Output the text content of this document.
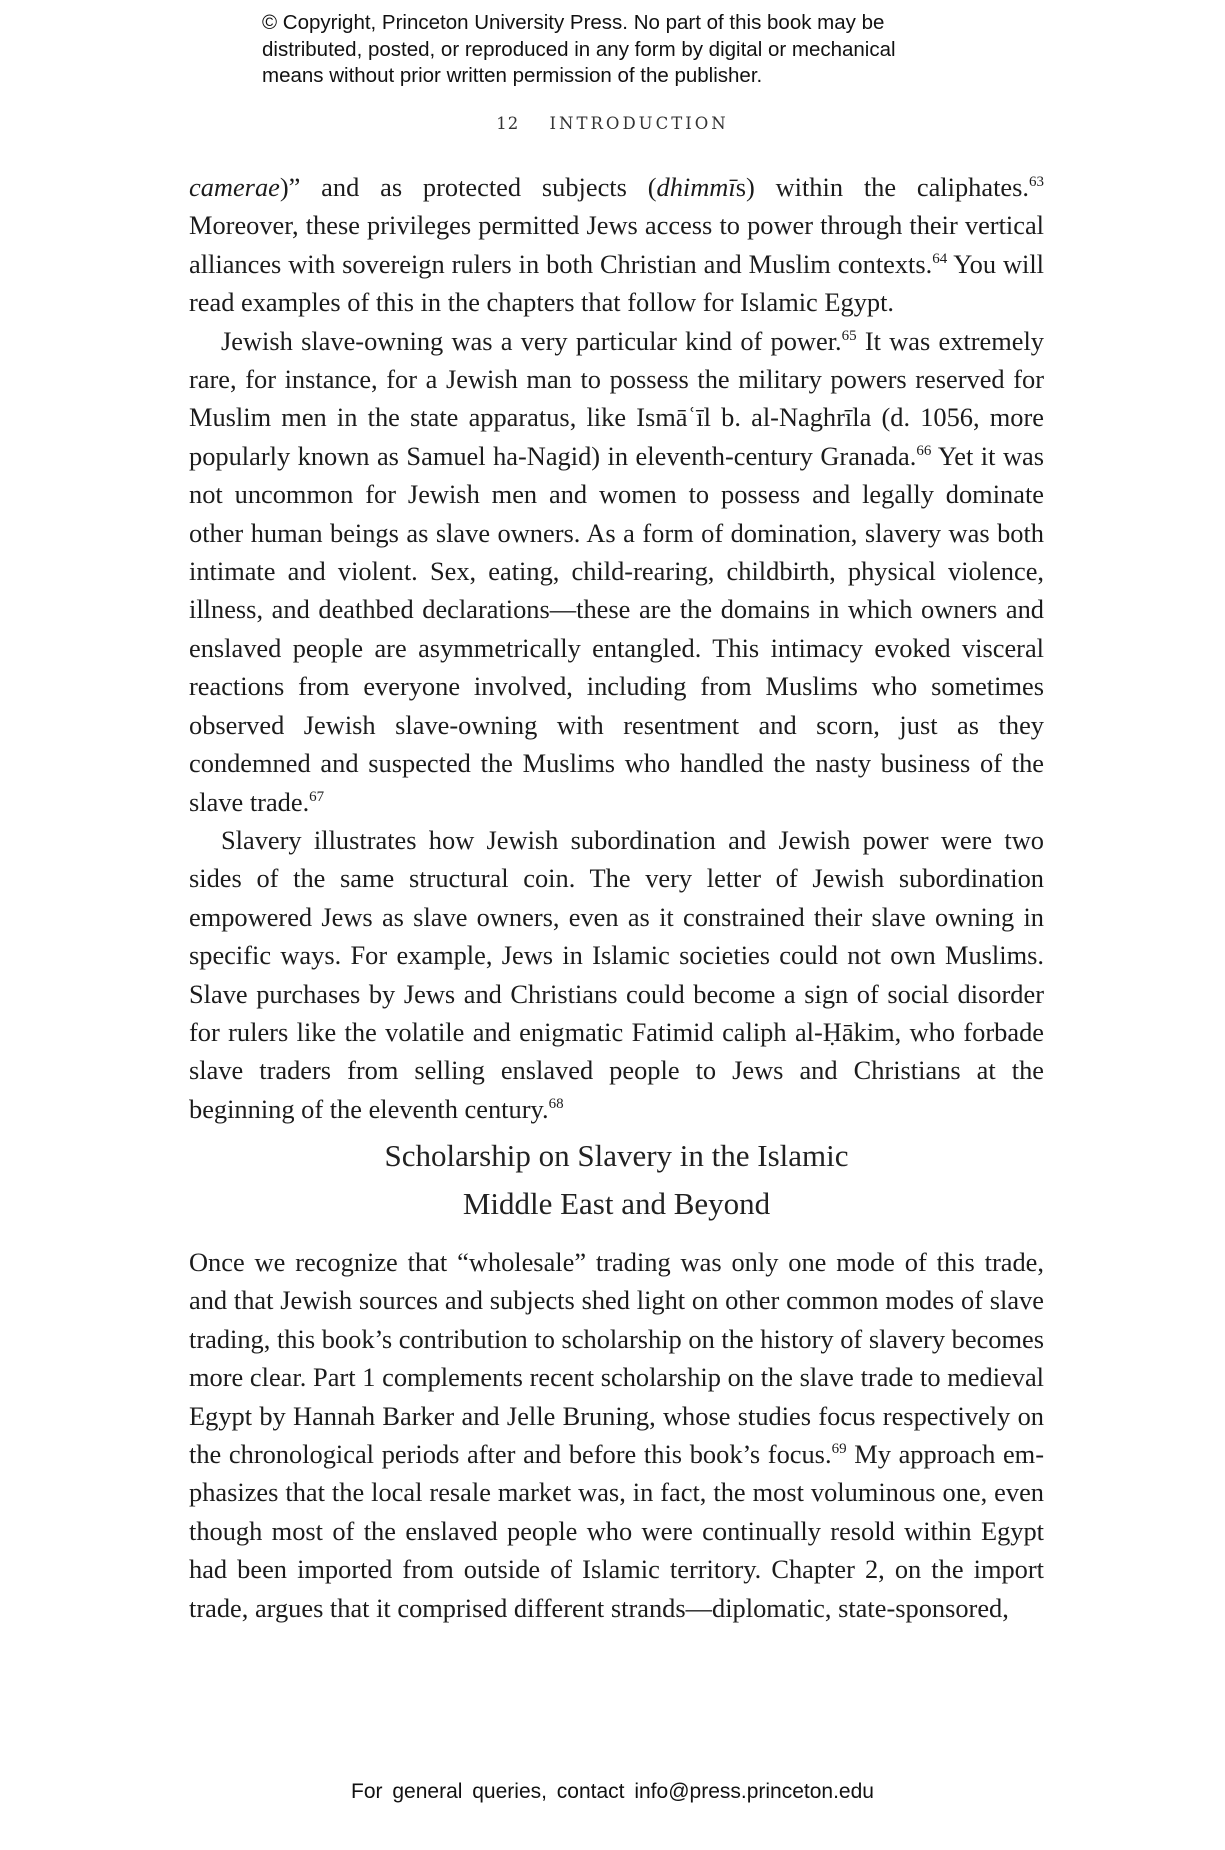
© Copyright, Princeton University Press. No part of this book may be
distributed, posted, or reproduced in any form by digital or mechanical
means without prior written permission of the publisher.
12 INTRODUCTION

camerae)” and as protected subjects (dhimmīs) within the caliphates.$^{63}$ Moreover, these privileges permitted Jews access to power through their vertical alliances with sovereign rulers in both Christian and Muslim contexts.$^{64}$ You will read examples of this in the chapters that follow for Islamic Egypt.

Jewish slave-owning was a very particular kind of power.$^{65}$ It was extremely rare, for instance, for a Jewish man to possess the military powers reserved for Muslim men in the state apparatus, like Ismāʿīl b. al-Naghrīla (d. 1056, more popularly known as Samuel ha-Nagid) in eleventh-century Granada.$^{66}$ Yet it was not uncommon for Jewish men and women to possess and legally dominate other human beings as slave owners. As a form of domination, slavery was both intimate and violent. Sex, eating, child-rearing, childbirth, physical violence, illness, and deathbed declarations—these are the domains in which owners and enslaved people are asymmetrically entangled. This intimacy evoked visceral reactions from everyone involved, including from Muslims who sometimes observed Jewish slave-owning with resentment and scorn, just as they condemned and suspected the Muslims who handled the nasty business of the slave trade.$^{67}$

Slavery illustrates how Jewish subordination and Jewish power were two sides of the same structural coin. The very letter of Jewish subordination empowered Jews as slave owners, even as it constrained their slave owning in specific ways. For example, Jews in Islamic societies could not own Muslims. Slave purchases by Jews and Christians could become a sign of social disorder for rulers like the volatile and enigmatic Fatimid caliph al-Ḥākim, who forbade slave traders from selling enslaved people to Jews and Christians at the beginning of the eleventh century.$^{68}$

Scholarship on Slavery in the Islamic
Middle East and Beyond

Once we recognize that “wholesale” trading was only one mode of this trade, and that Jewish sources and subjects shed light on other common modes of slave trading, this book’s contribution to scholarship on the history of slavery becomes more clear. Part 1 complements recent scholarship on the slave trade to medieval Egypt by Hannah Barker and Jelle Bruning, whose studies focus respectively on the chronological periods after and before this book’s focus.$^{69}$ My approach emphasizes that the local resale market was, in fact, the most voluminous one, even though most of the enslaved people who were continually resold within Egypt had been imported from outside of Islamic territory. Chapter 2, on the import trade, argues that it comprised different strands—diplomatic, state-sponsored,

For general queries, contact info@press.princeton.edu
